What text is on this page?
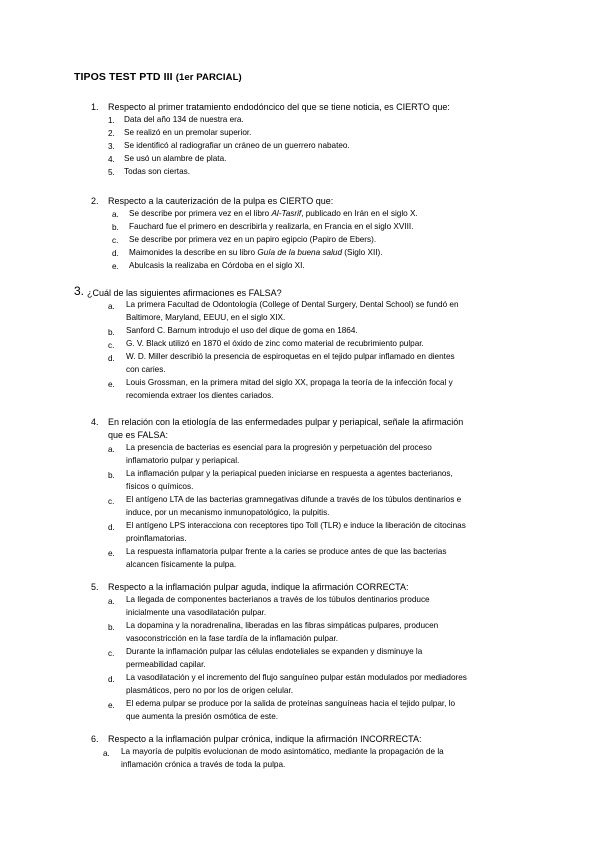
TIPOS TEST PTD III (1er PARCIAL)
1. Respecto al primer tratamiento endodóncico del que se tiene noticia, es CIERTO que:
1. Data del año 134 de nuestra era.
2. Se realizó en un premolar superior.
3. Se identificó al radiografiar un cráneo de un guerrero nabateo.
4. Se usó un alambre de plata.
5. Todas son ciertas.
2. Respecto a la cauterización de la pulpa es CIERTO que:
a. Se describe por primera vez en el libro Al-Tasrif, publicado en Irán en el siglo X.
b. Fauchard fue el primero en describirla y realizarla, en Francia en el siglo XVIII.
c. Se describe por primera vez en un papiro egipcio (Papiro de Ebers).
d. Maimonides la describe en su libro Guía de la buena salud (Siglo XII).
e. Abulcasis la realizaba en Córdoba en el siglo XI.
3. ¿Cuál de las siguientes afirmaciones es FALSA?
a. La primera Facultad de Odontología (College of Dental Surgery, Dental School) se fundó en
Baltimore, Maryland, EEUU, en el siglo XIX.
b. Sanford C. Barnum introdujo el uso del dique de goma en 1864.
c. G. V. Black utilizó en 1870 el óxido de zinc como material de recubrimiento pulpar.
d. W. D. Miller describió la presencia de espiroquetas en el tejido pulpar inflamado en dientes
con caries.
e. Louis Grossman, en la primera mitad del siglo XX, propaga la teoría de la infección focal y
recomienda extraer los dientes cariados.
4. En relación con la etiología de las enfermedades pulpar y periapical, señale la afirmación
que es FALSA:
a. La presencia de bacterias es esencial para la progresión y perpetuación del proceso
inflamatorio pulpar y periapical.
b. La inflamación pulpar y la periapical pueden iniciarse en respuesta a agentes bacterianos,
físicos o químicos.
c. El antígeno LTA de las bacterias gramnegativas difunde a través de los túbulos dentinarios e
induce, por un mecanismo inmunopatológico, la pulpitis.
d. El antígeno LPS interacciona con receptores tipo Toll (TLR) e induce la liberación de citocinas
proinflamatorias.
e. La respuesta inflamatoria pulpar frente a la caries se produce antes de que las bacterias
alcancen físicamente la pulpa.
5. Respecto a la inflamación pulpar aguda, indique la afirmación CORRECTA:
a. La llegada de componentes bacterianos a través de los túbulos dentinarios produce
inicialmente una vasodilatación pulpar.
b. La dopamina y la noradrenalina, liberadas en las fibras simpáticas pulpares, producen
vasoconstricción en la fase tardía de la inflamación pulpar.
c. Durante la inflamación pulpar las células endoteliales se expanden y disminuye la
permeabilidad capilar.
d. La vasodilatación y el incremento del flujo sanguíneo pulpar están modulados por mediadores
plasmáticos, pero no por los de origen celular.
e. El edema pulpar se produce por la salida de proteínas sanguíneas hacia el tejido pulpar, lo
que aumenta la presión osmótica de este.
6. Respecto a la inflamación pulpar crónica, indique la afirmación INCORRECTA:
a. La mayoría de pulpitis evolucionan de modo asintomático, mediante la propagación de la
inflamación crónica a través de toda la pulpa.
